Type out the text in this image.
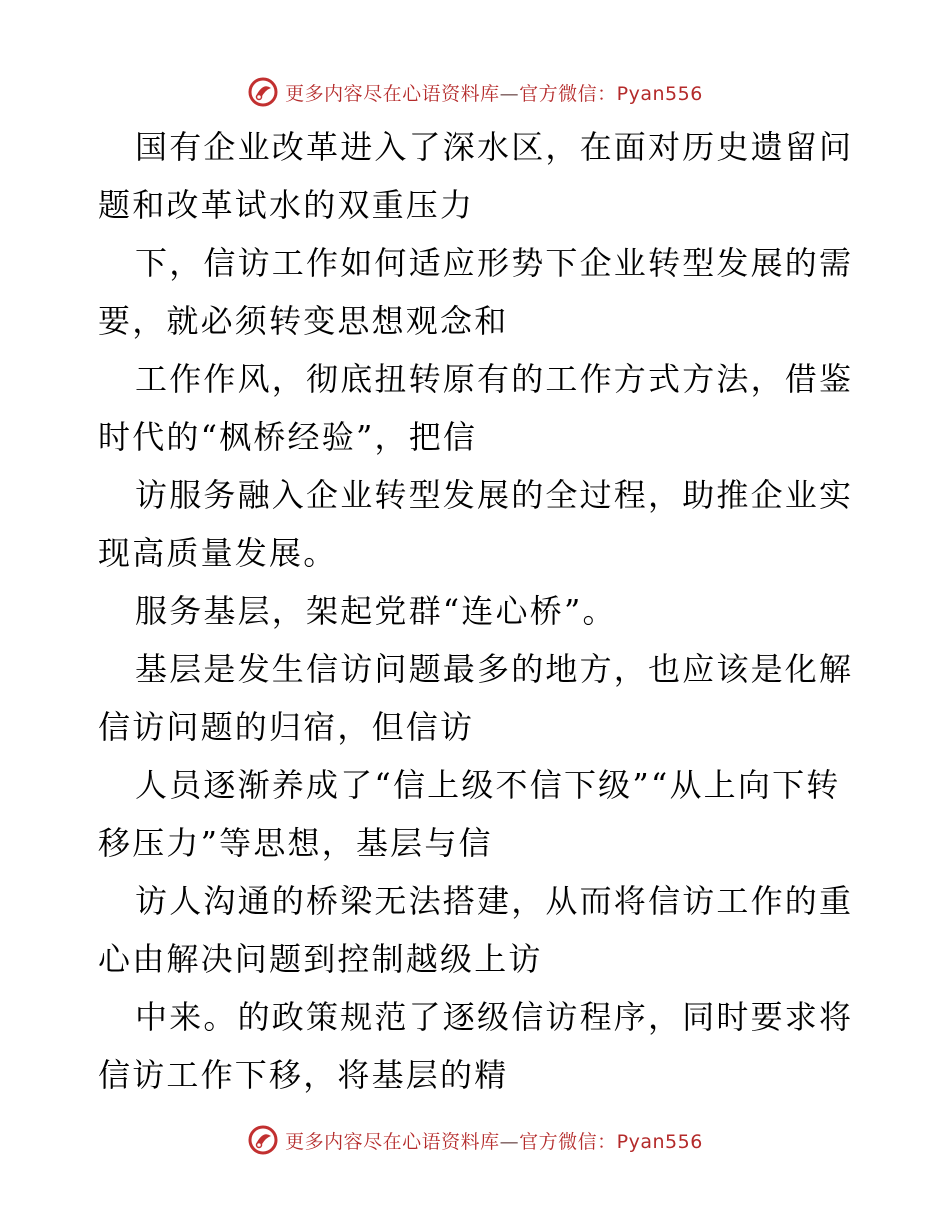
更多内容尽在心语资料库—官方微信：Pyan556

国有企业改革进入了深水区，在面对历史遗留问题和改革试水的双重压力

下，信访工作如何适应形势下企业转型发展的需要，就必须转变思想观念和

工作作风，彻底扭转原有的工作方式方法，借鉴时代的“枫桥经验”，把信

访服务融入企业转型发展的全过程，助推企业实现高质量发展。

服务基层，架起党群“连心桥”。

基层是发生信访问题最多的地方，也应该是化解信访问题的归宿，但信访

人员逐渐养成了“信上级不信下级”“从上向下转移压力”等思想，基层与信

访人沟通的桥梁无法搭建，从而将信访工作的重心由解决问题到控制越级上访

中来。的政策规范了逐级信访程序，同时要求将信访工作下移，将基层的精

更多内容尽在心语资料库—官方微信：Pyan556
